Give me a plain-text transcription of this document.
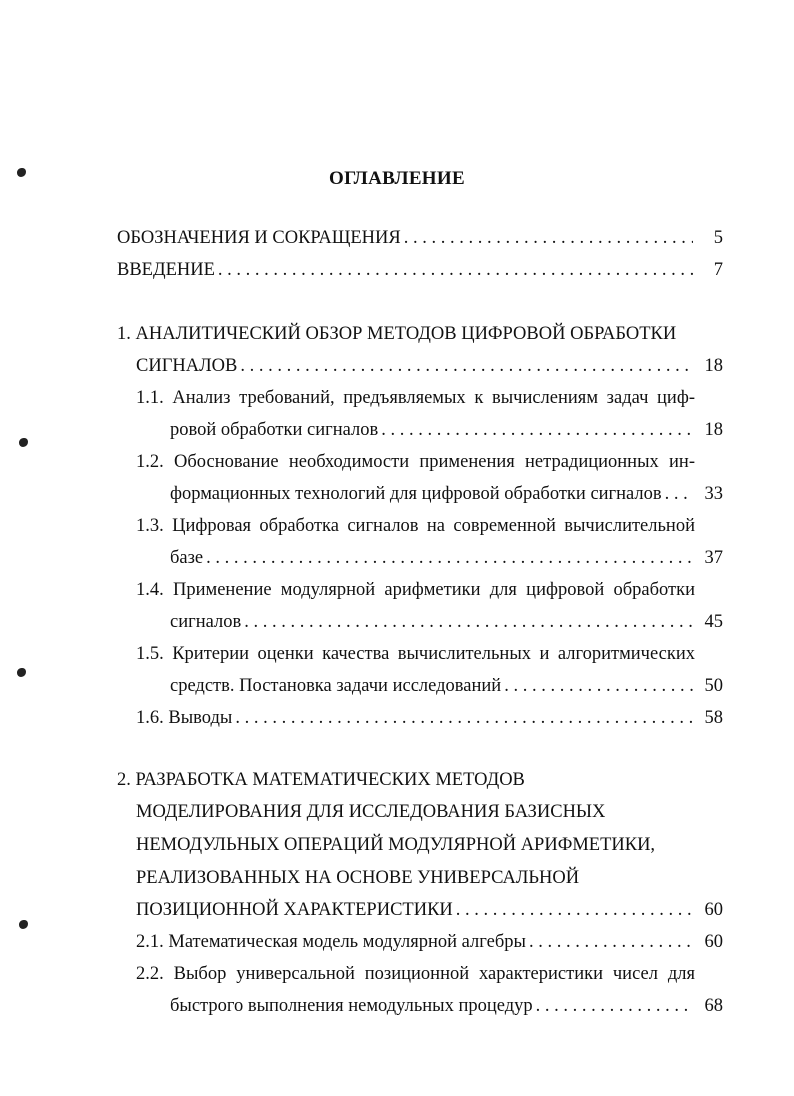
ОГЛАВЛЕНИЕ
ОБОЗНАЧЕНИЯ И СОКРАЩЕНИЯ . . .	5
ВВЕДЕНИЕ . . .	7
1. АНАЛИТИЧЕСКИЙ ОБЗОР МЕТОДОВ ЦИФРОВОЙ ОБРАБОТКИ
СИГНАЛОВ . . .	18
1.1. Анализ требований, предъявляемых к вычислениям задач циф-
ровой обработки сигналов . . .	18
1.2. Обоснование необходимости применения нетрадиционных ин-
формационных технологий для цифровой обработки сигналов . . . 33
1.3. Цифровая обработка сигналов на современной вычислительной
базе . . .	37
1.4. Применение модулярной арифметики для цифровой обработки
сигналов . . .	45
1.5. Критерии оценки качества вычислительных и алгоритмических
средств. Постановка задачи исследований . . .	50
1.6. Выводы . . .	58
2. РАЗРАБОТКА МАТЕМАТИЧЕСКИХ МЕТОДОВ
МОДЕЛИРОВАНИЯ ДЛЯ ИССЛЕДОВАНИЯ БАЗИСНЫХ
НЕМОДУЛЬНЫХ ОПЕРАЦИЙ МОДУЛЯРНОЙ АРИФМЕТИКИ,
РЕАЛИЗОВАННЫХ НА ОСНОВЕ УНИВЕРСАЛЬНОЙ
ПОЗИЦИОННОЙ ХАРАКТЕРИСТИКИ . . .	60
2.1. Математическая модель модулярной алгебры . . .	60
2.2. Выбор универсальной позиционной характеристики чисел для
быстрого выполнения немодульных процедур . . .	68
